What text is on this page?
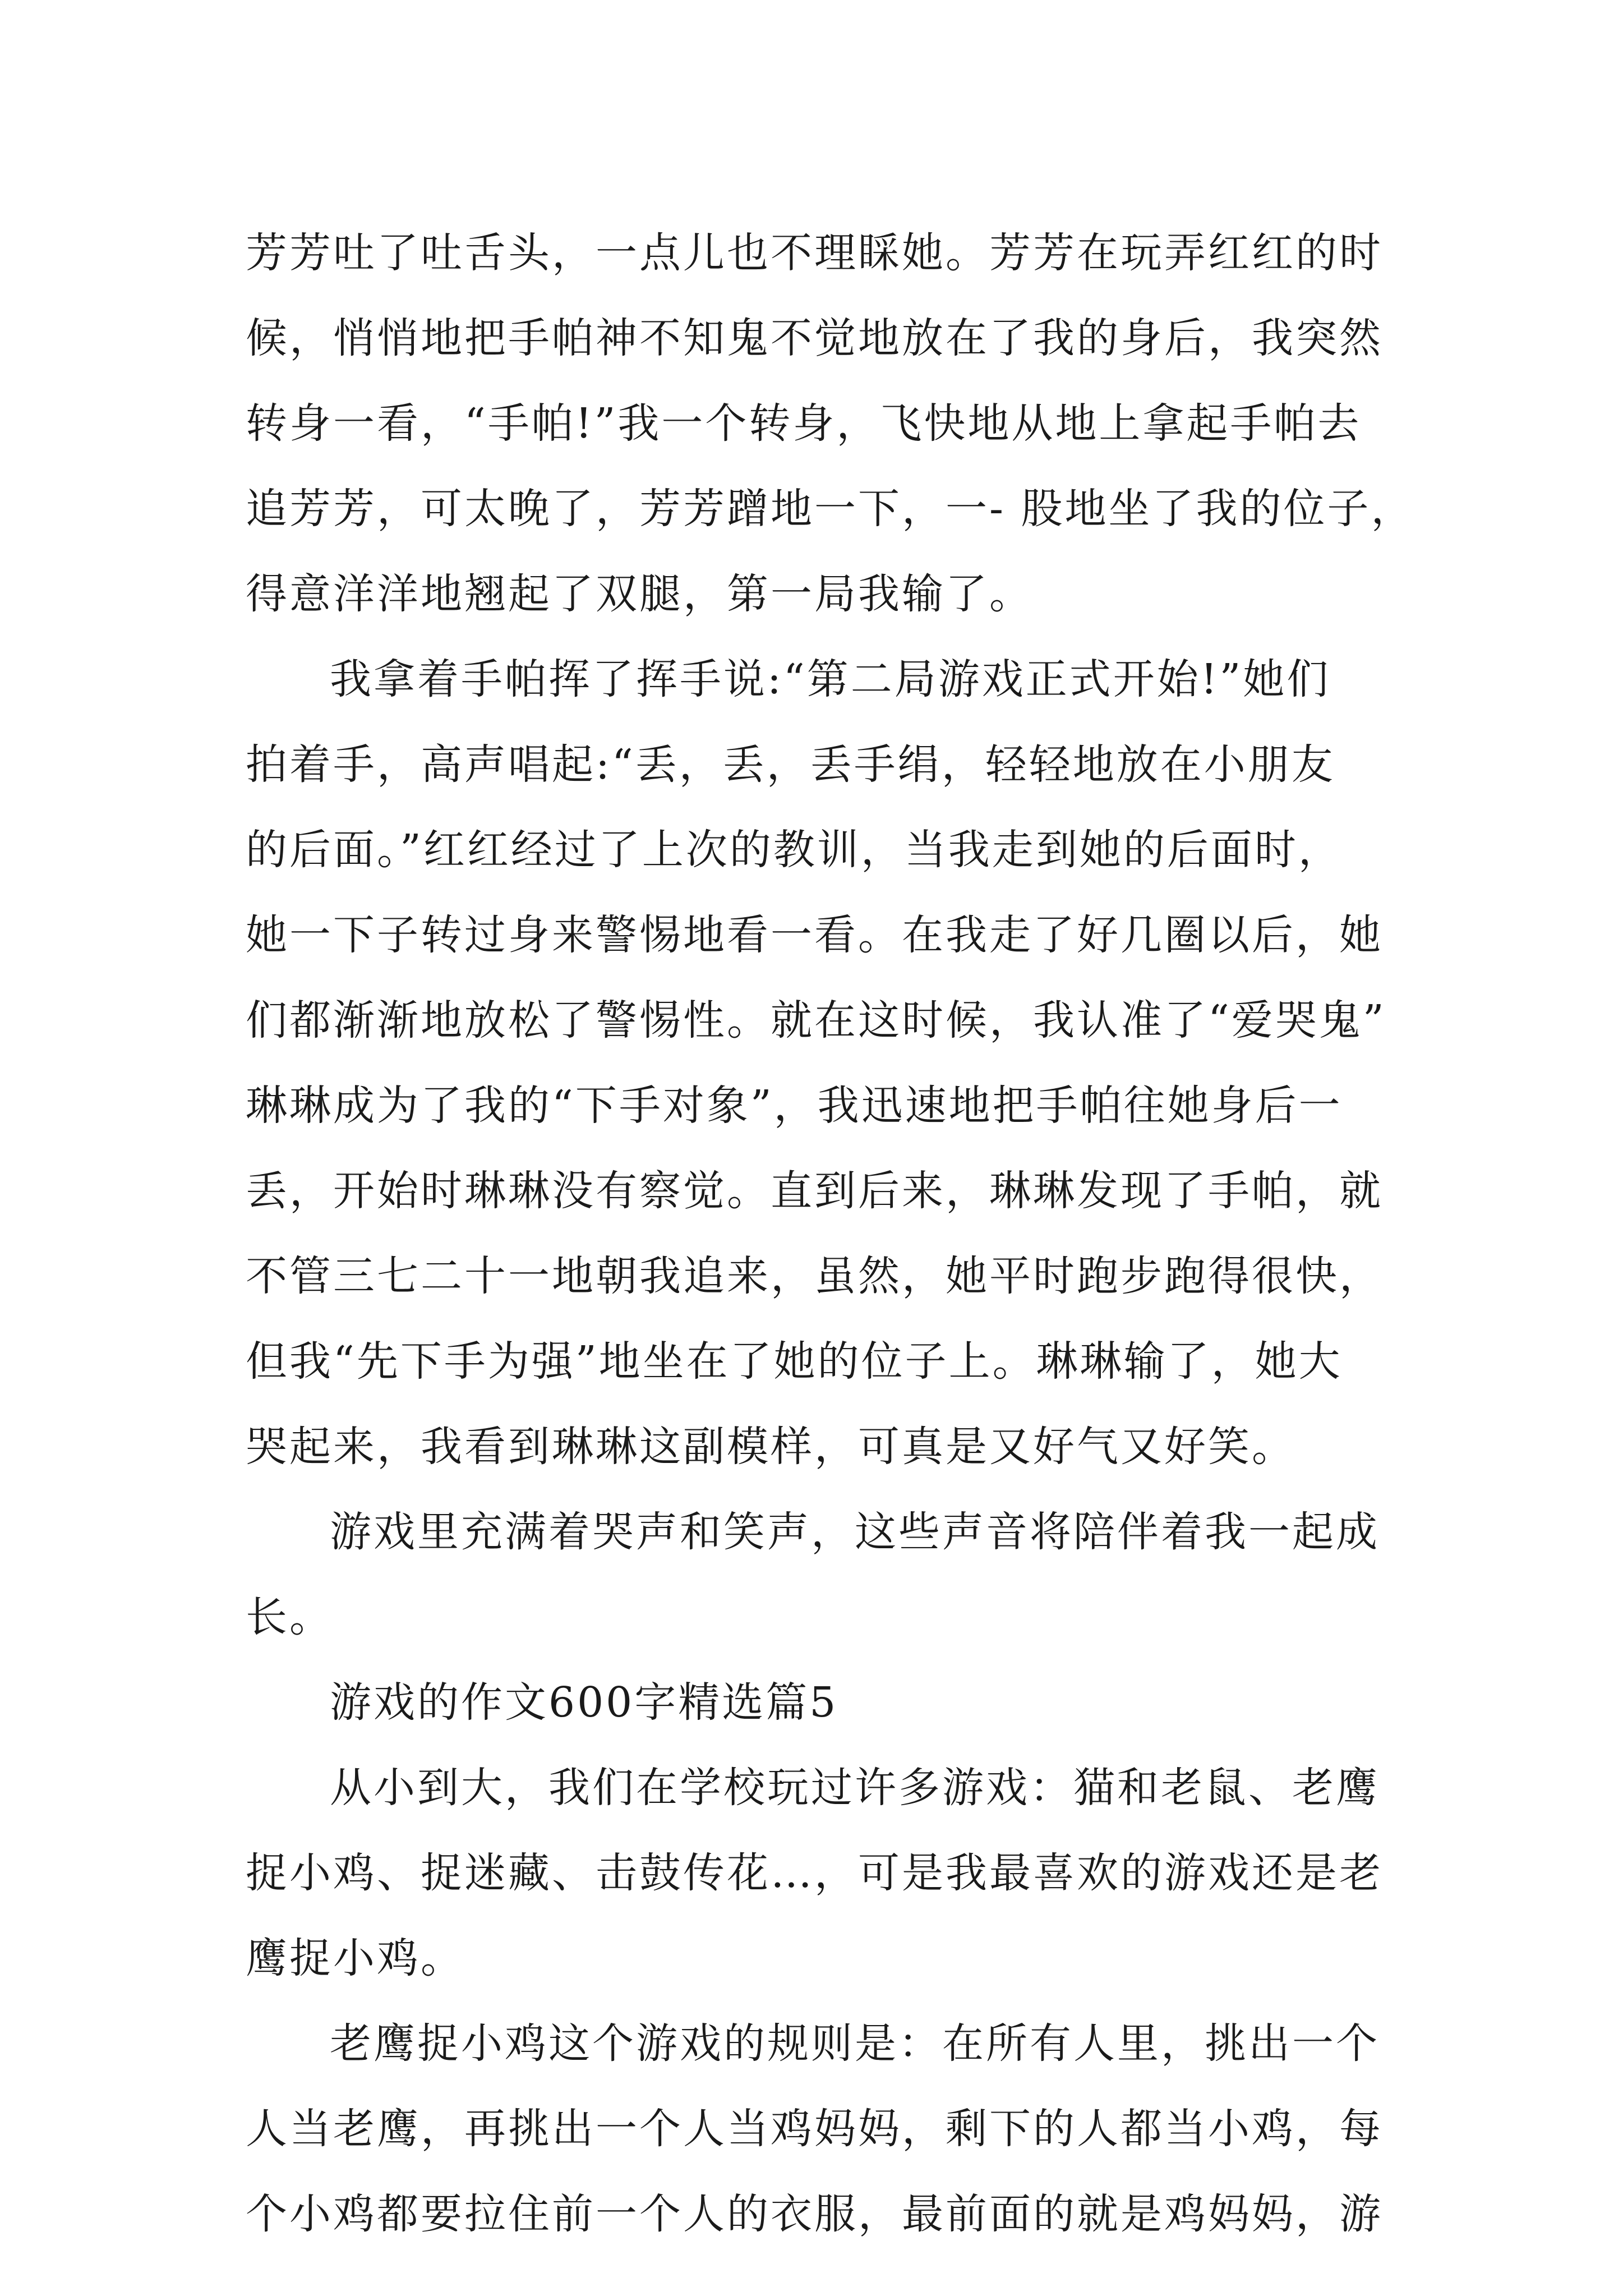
芳芳吐了吐舌头，一点儿也不理睬她。芳芳在玩弄红红的时
候，悄悄地把手帕神不知鬼不觉地放在了我的身后，我突然
转身一看，“手帕!”我一个转身，飞快地从地上拿起手帕去
追芳芳，可太晚了，芳芳蹭地一下，一- 股地坐了我的位子，
得意洋洋地翘起了双腿，第一局我输了。
我拿着手帕挥了挥手说:“第二局游戏正式开始!”她们
拍着手，高声唱起:“丢，丢，丢手绢，轻轻地放在小朋友
的后面。”红红经过了上次的教训，当我走到她的后面时，
她一下子转过身来警惕地看一看。在我走了好几圈以后，她
们都渐渐地放松了警惕性。就在这时候，我认准了“爱哭鬼”
琳琳成为了我的“下手对象”，我迅速地把手帕往她身后一
丢，开始时琳琳没有察觉。直到后来，琳琳发现了手帕，就
不管三七二十一地朝我追来，虽然，她平时跑步跑得很快，
但我“先下手为强”地坐在了她的位子上。琳琳输了，她大
哭起来，我看到琳琳这副模样，可真是又好气又好笑。
游戏里充满着哭声和笑声，这些声音将陪伴着我一起成
长。
游戏的作文600字精选篇5
从小到大，我们在学校玩过许多游戏：猫和老鼠、老鹰
捉小鸡、捉迷藏、击鼓传花…，可是我最喜欢的游戏还是老
鹰捉小鸡。
老鹰捉小鸡这个游戏的规则是：在所有人里，挑出一个
人当老鹰，再挑出一个人当鸡妈妈，剩下的人都当小鸡，每
个小鸡都要拉住前一个人的衣服，最前面的就是鸡妈妈，游
